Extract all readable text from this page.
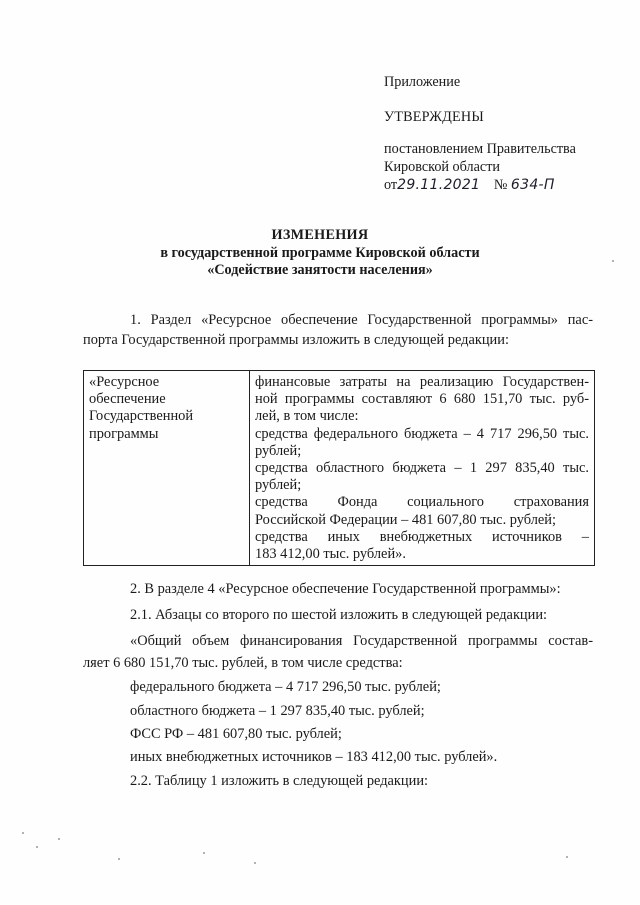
Приложение
УТВЕРЖДЕНЫ
постановлением Правительства
Кировской области
от29.11.2021 № 634-П
ИЗМЕНЕНИЯ
в государственной программе Кировской области
«Содействие занятости населения»
1. Раздел «Ресурсное обеспечение Государственной программы» пас-
порта Государственной программы изложить в следующей редакции:
«Ресурсное
обеспечение
Государственной
программы
финансовые затраты на реализацию Государствен-
ной программы составляют 6 680 151,70 тыс. руб-
лей, в том числе:
средства федерального бюджета – 4 717 296,50 тыс.
рублей;
средства областного бюджета – 1 297 835,40 тыс.
рублей;
средства Фонда социального страхования
Российской Федерации – 481 607,80 тыс. рублей;
средства иных внебюджетных источников –
183 412,00 тыс. рублей».
2. В разделе 4 «Ресурсное обеспечение Государственной программы»:
2.1. Абзацы со второго по шестой изложить в следующей редакции:
«Общий объем финансирования Государственной программы состав-
ляет 6 680 151,70 тыс. рублей, в том числе средства:
федерального бюджета – 4 717 296,50 тыс. рублей;
областного бюджета – 1 297 835,40 тыс. рублей;
ФСС РФ – 481 607,80 тыс. рублей;
иных внебюджетных источников – 183 412,00 тыс. рублей».
2.2. Таблицу 1 изложить в следующей редакции:
